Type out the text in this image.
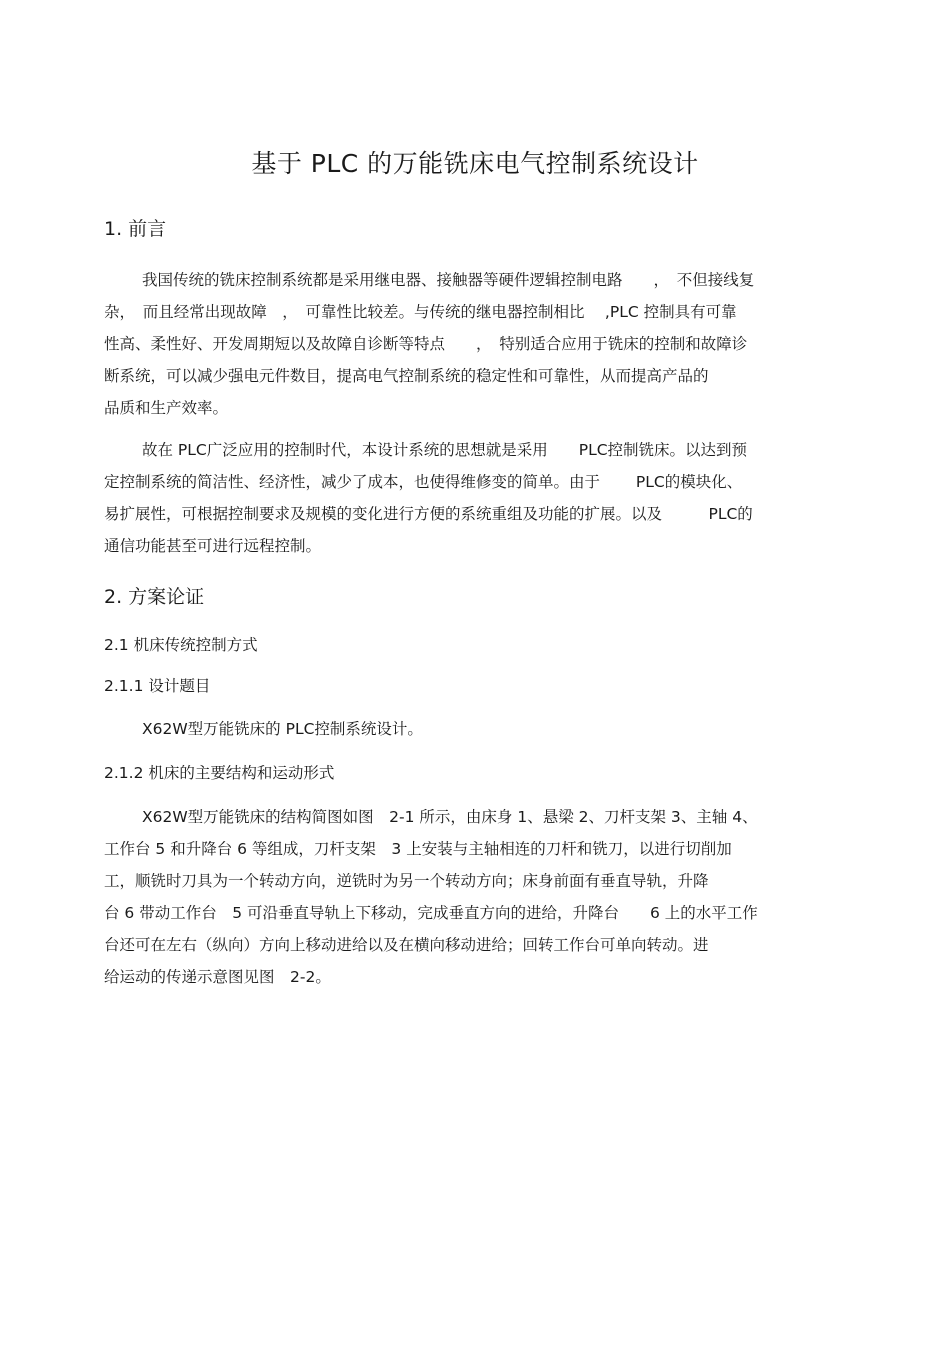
基于 PLC 的万能铣床电气控制系统设计
1. 前言
我国传统的铣床控制系统都是采用继电器、接触器等硬件逻辑控制电路　　，　不但接线复
杂，　而且经常出现故障　，　可靠性比较差。与传统的继电器控制相比　 ,PLC 控制具有可靠
性高、柔性好、开发周期短以及故障自诊断等特点　　，　特别适合应用于铣床的控制和故障诊
断系统，可以减少强电元件数目，提高电气控制系统的稳定性和可靠性，从而提高产品的
品质和生产效率。
故在 PLC广泛应用的控制时代，本设计系统的思想就是采用　　PLC控制铣床。以达到预
定控制系统的简洁性、经济性，减少了成本，也使得维修变的简单。由于　　 PLC的模块化、
易扩展性，可根据控制要求及规模的变化进行方便的系统重组及功能的扩展。以及　　　PLC的
通信功能甚至可进行远程控制。
2. 方案论证
2.1 机床传统控制方式
2.1.1 设计题目
X62W型万能铣床的 PLC控制系统设计。
2.1.2 机床的主要结构和运动形式
X62W型万能铣床的结构简图如图　2-1 所示，由床身 1、悬梁 2、刀杆支架 3、主轴 4、
工作台 5 和升降台 6 等组成，刀杆支架　3 上安装与主轴相连的刀杆和铣刀，以进行切削加
工，顺铣时刀具为一个转动方向，逆铣时为另一个转动方向；床身前面有垂直导轨，升降
台 6 带动工作台　5 可沿垂直导轨上下移动，完成垂直方向的进给，升降台　　6 上的水平工作
台还可在左右（纵向）方向上移动进给以及在横向移动进给；回转工作台可单向转动。进
给运动的传递示意图见图　2-2。
